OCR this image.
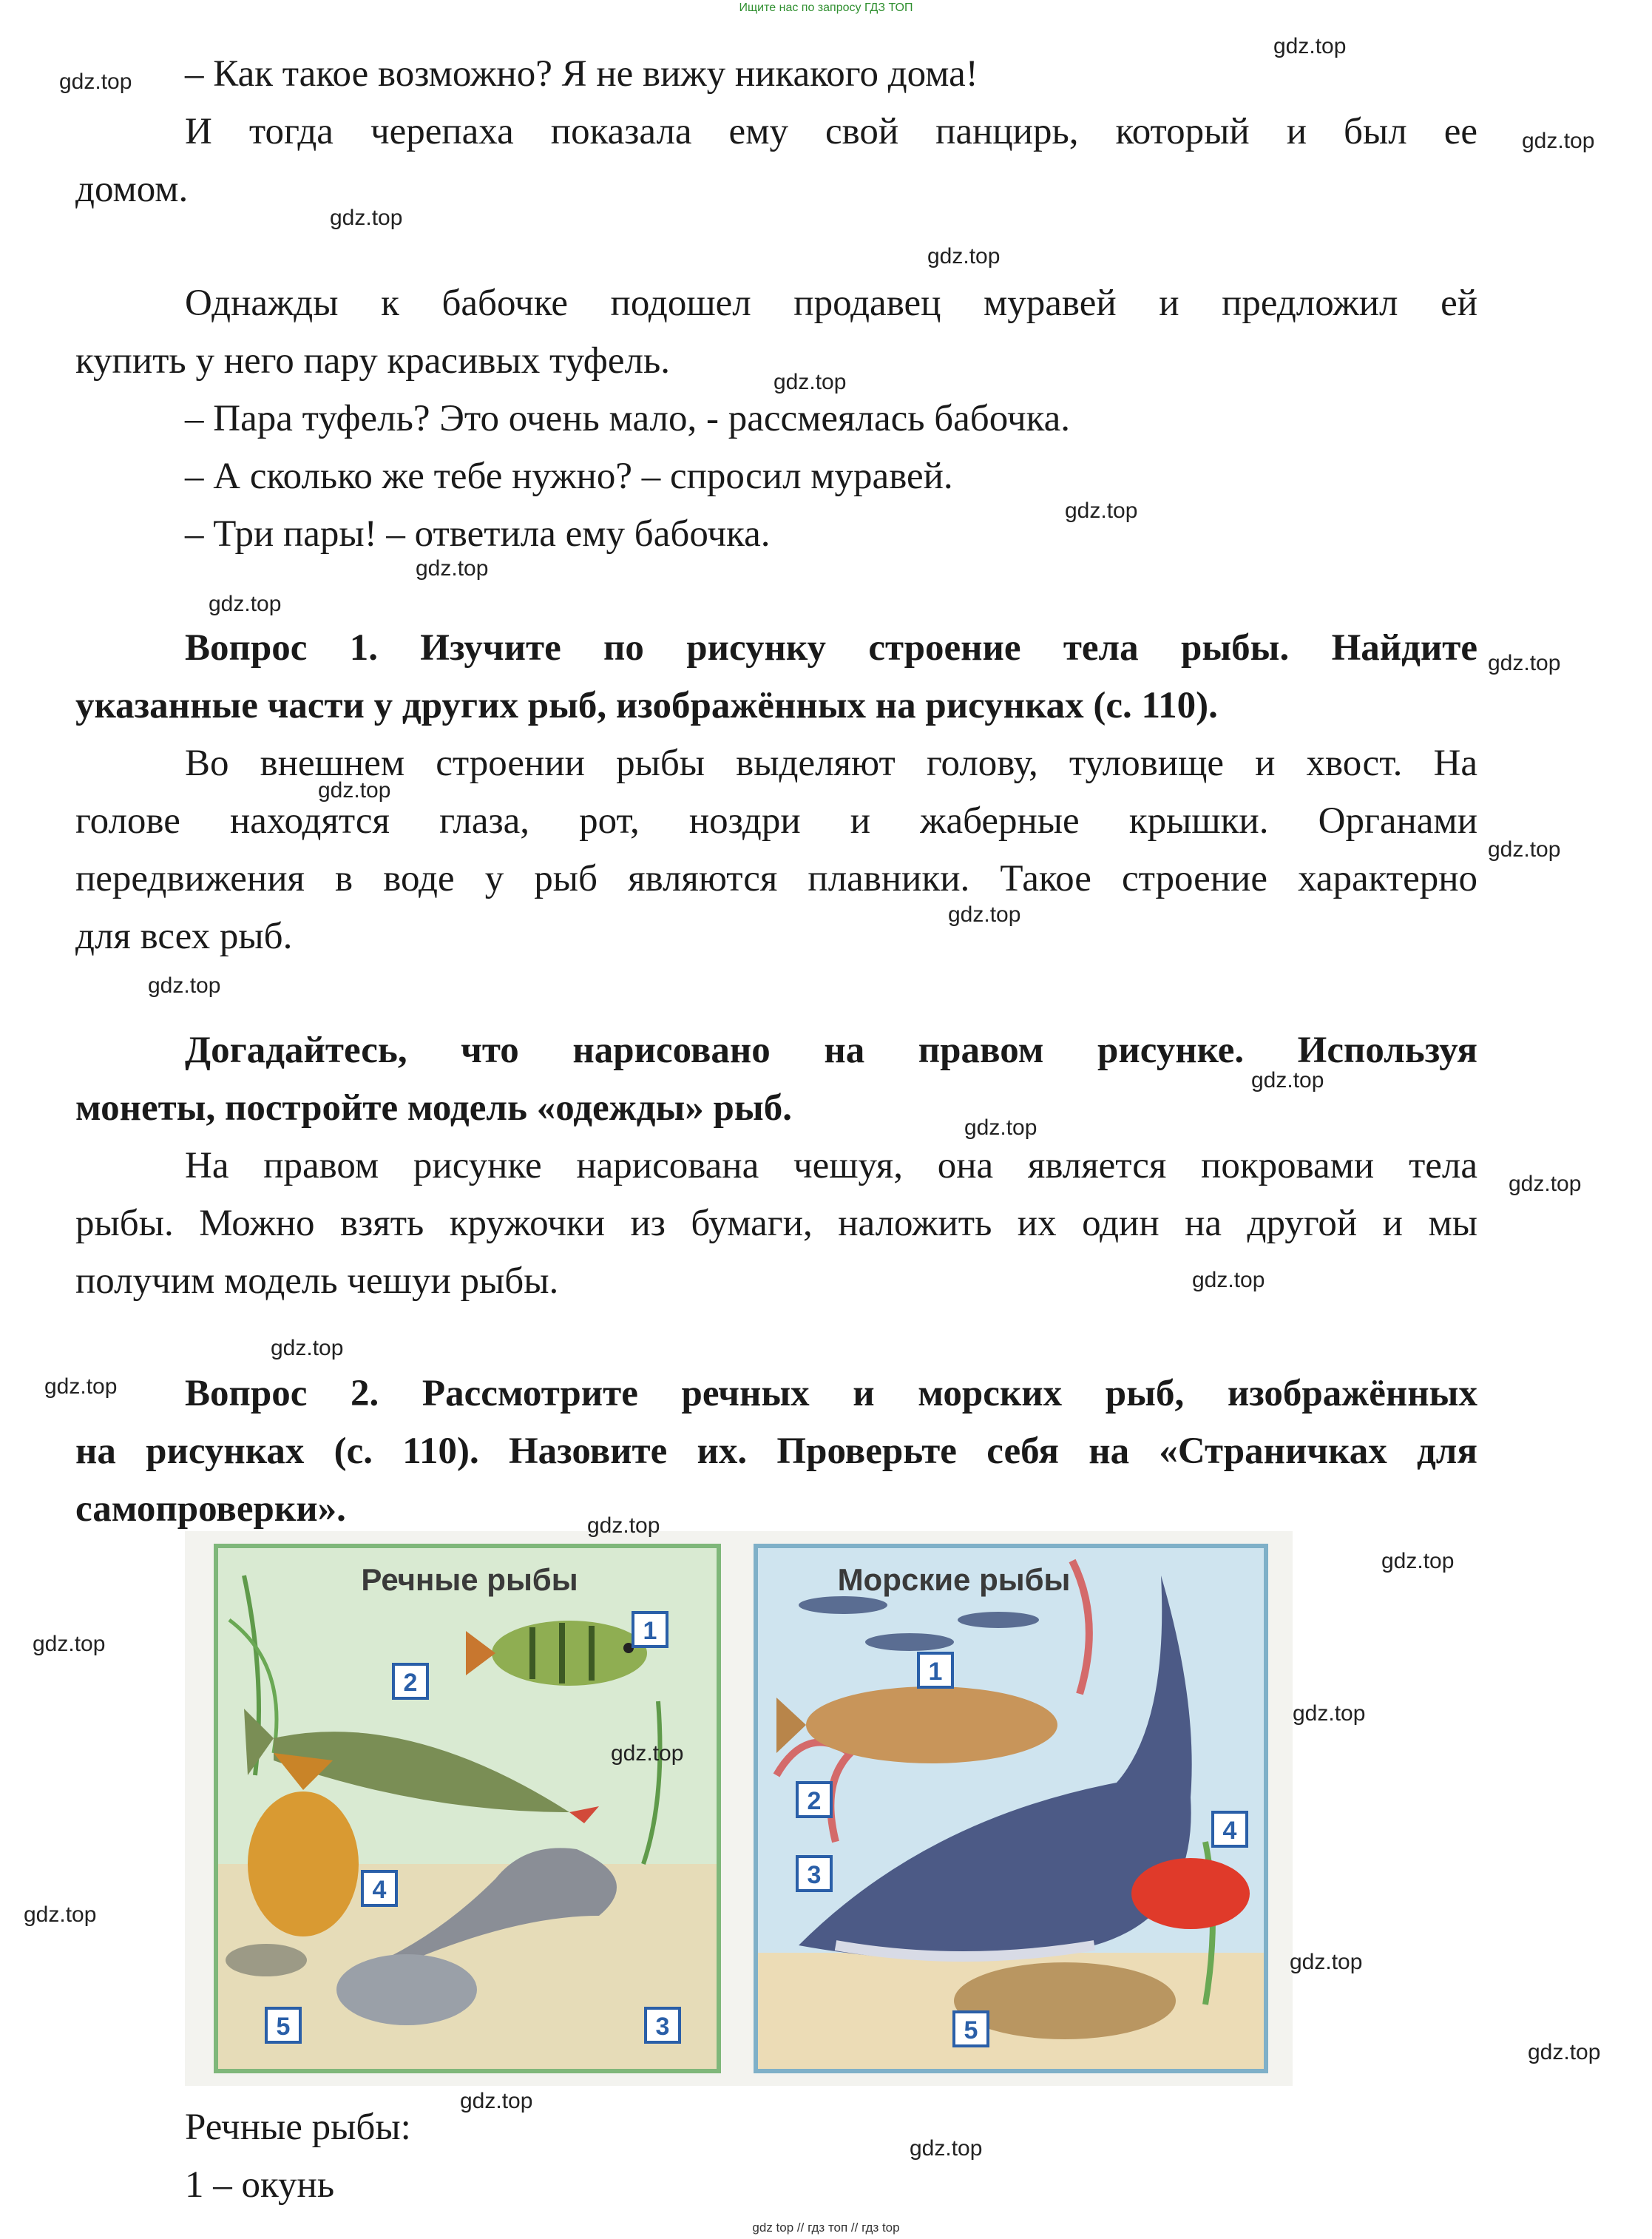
Ищите нас по запросу ГДЗ ТОП
– Как такое возможно? Я не вижу никакого дома!
И тогда черепаха показала ему свой панцирь, который и был ее
домом.
Однажды к бабочке подошел продавец муравей и предложил ей
купить у него пару красивых туфель.
– Пара туфель? Это очень мало, - рассмеялась бабочка.
– А сколько же тебе нужно? – спросил муравей.
– Три пары! – ответила ему бабочка.
Вопрос 1. Изучите по рисунку строение тела рыбы. Найдите
указанные части у других рыб, изображённых на рисунках (с. 110).
Во внешнем строении рыбы выделяют голову, туловище и хвост. На
голове находятся глаза, рот, ноздри и жаберные крышки. Органами
передвижения в воде у рыб являются плавники. Такое строение характерно
для всех рыб.
Догадайтесь, что нарисовано на правом рисунке. Используя
монеты, постройте модель «одежды» рыб.
На правом рисунке нарисована чешуя, она является покровами тела
рыбы. Можно взять кружочки из бумаги, наложить их один на другой и мы
получим модель чешуи рыбы.
Вопрос 2. Рассмотрите речных и морских рыб, изображённых
на рисунках (с. 110). Назовите их. Проверьте себя на «Страничках для
самопроверки».
Речные рыбы
1
2
3
4
5
Морские рыбы
1
2
3
4
5
Речные рыбы:
1 – окунь
gdz.top
gdz.top
gdz.top
gdz.top
gdz.top
gdz.top
gdz.top
gdz.top
gdz.top
gdz.top
gdz.top
gdz.top
gdz.top
gdz.top
gdz.top
gdz.top
gdz.top
gdz.top
gdz.top
gdz.top
gdz.top
gdz.top
gdz.top
gdz.top
gdz.top
gdz.top
gdz.top
gdz.top
gdz.top
gdz.top
gdz top // гдз топ // гдз top
